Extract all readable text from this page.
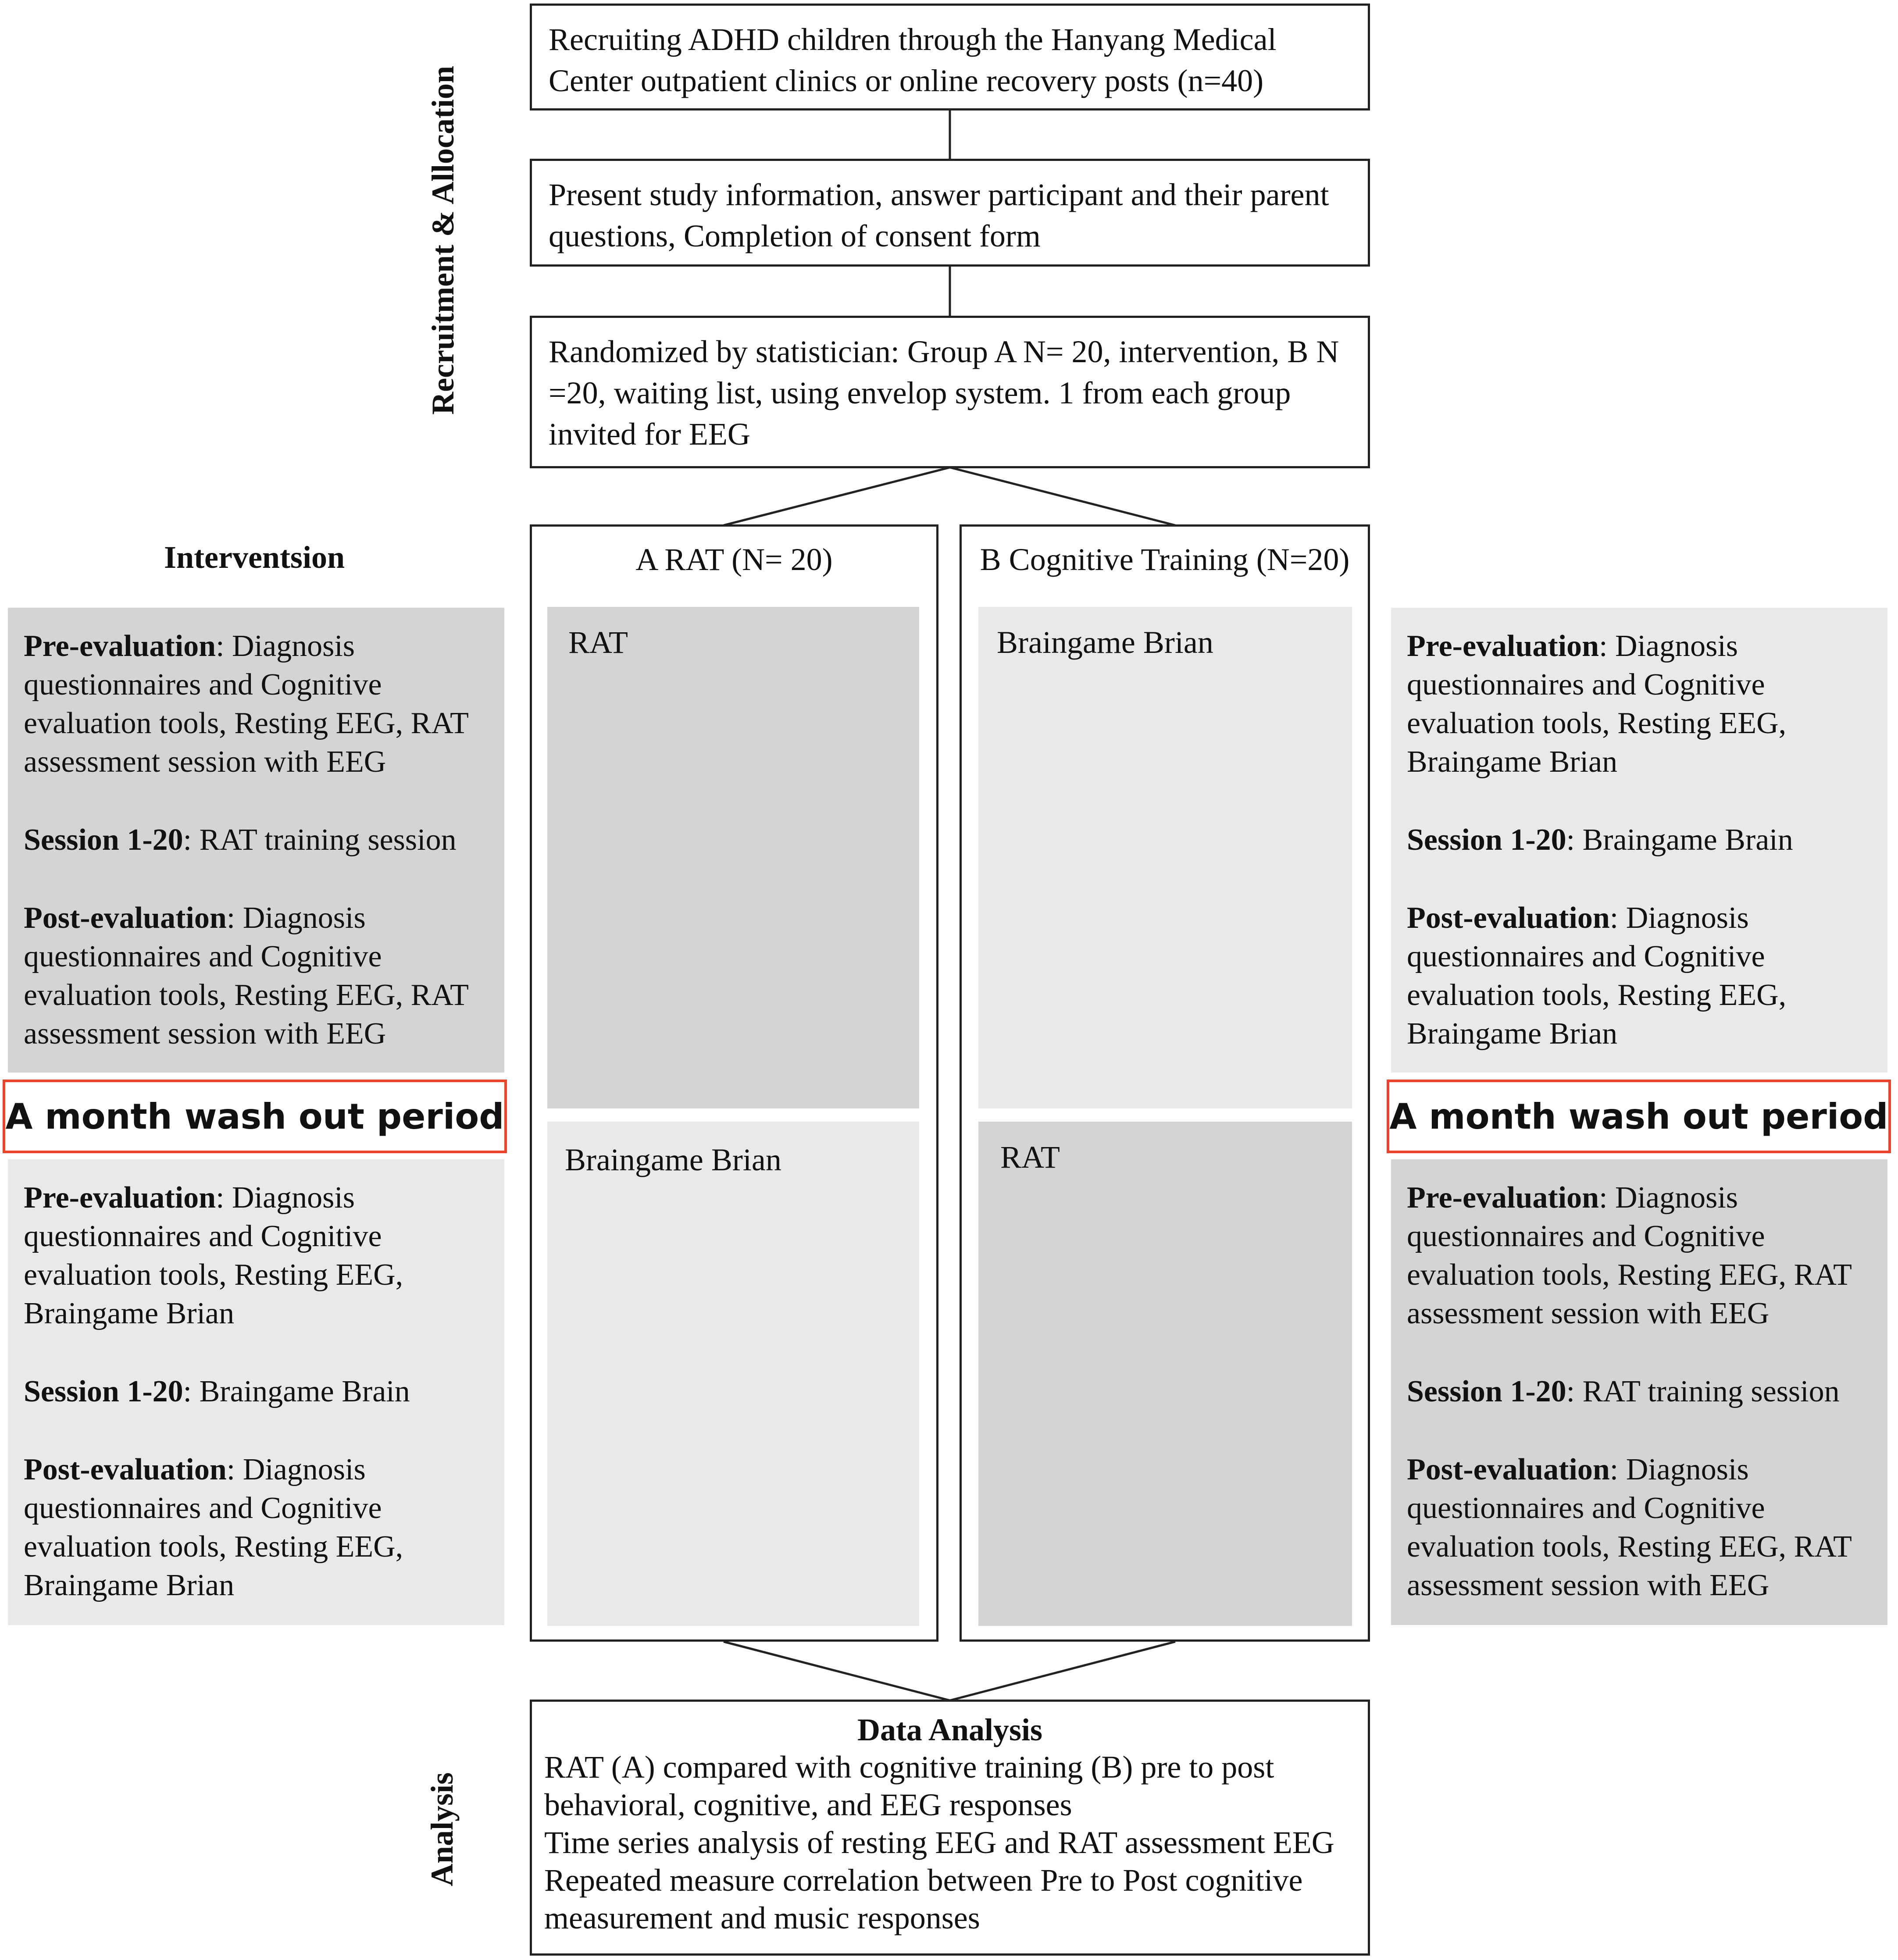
Recruitment & Allocation
Analysis
Recruiting ADHD children through the Hanyang Medical Center outpatient clinics or online recovery posts (n=40)
Present study information, answer participant and their parent questions, Completion of consent form
Randomized by statistician: Group A N= 20, intervention, B N =20, waiting list, using envelop system. 1 from each group invited for EEG
Interventsion	A RAT (N= 20)
RAT
Braingame Brian
B Cognitive Training (N=20)
Braingame Brian
RAT

Pre-evaluation: Diagnosis questionnaires and Cognitive evaluation tools, Resting EEG, RAT assessment session with EEG

Session 1-20: RAT training session

Post-evaluation: Diagnosis questionnaires and Cognitive evaluation tools, Resting EEG, RAT assessment session with EEG

A month wash out period

Pre-evaluation: Diagnosis questionnaires and Cognitive evaluation tools, Resting EEG, Braingame Brian

Session 1-20: Braingame Brain

Post-evaluation: Diagnosis questionnaires and Cognitive evaluation tools, Resting EEG, Braingame Brian

Pre-evaluation: Diagnosis questionnaires and Cognitive evaluation tools, Resting EEG, Braingame Brian

Session 1-20: Braingame Brain

Post-evaluation: Diagnosis questionnaires and Cognitive evaluation tools, Resting EEG, Braingame Brian

A month wash out period

Pre-evaluation: Diagnosis questionnaires and Cognitive evaluation tools, Resting EEG, RAT assessment session with EEG

Session 1-20: RAT training session

Post-evaluation: Diagnosis questionnaires and Cognitive evaluation tools, Resting EEG, RAT assessment session with EEG

Data Analysis
RAT (A) compared with cognitive training (B) pre to post behavioral, cognitive, and EEG responses
Time series analysis of resting EEG and RAT assessment EEG
Repeated measure correlation between Pre to Post cognitive measurement and music responses
